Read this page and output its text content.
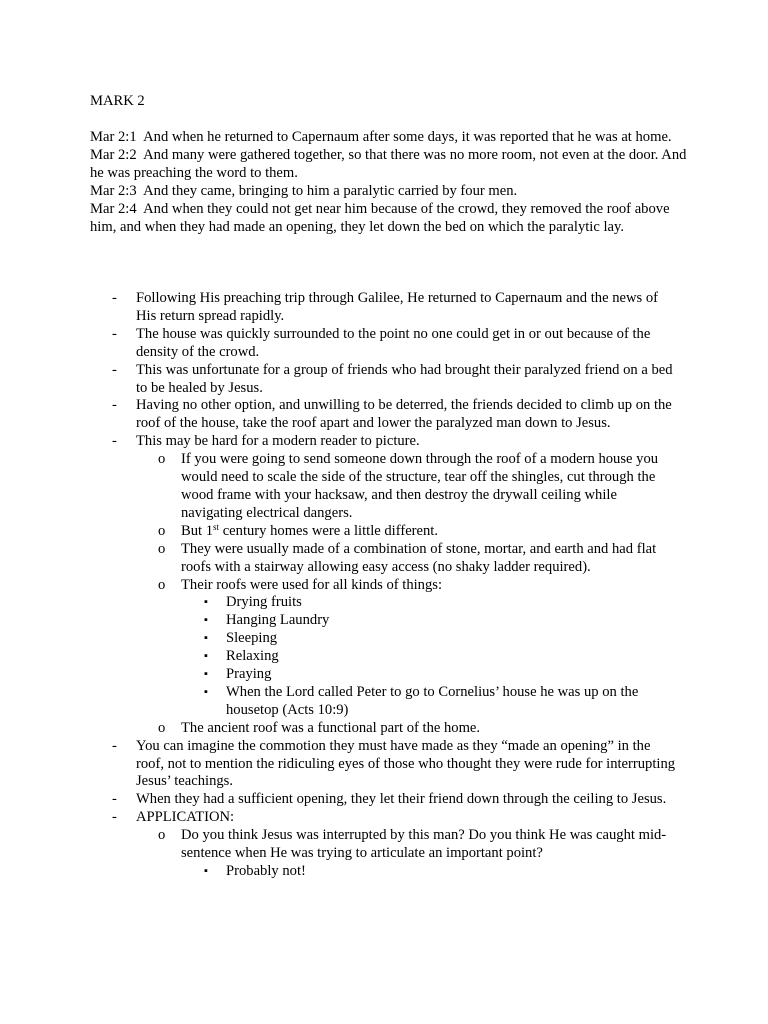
MARK 2

Mar 2:1 And when he returned to Capernaum after some days, it was reported that he was at home.

Mar 2:2 And many were gathered together, so that there was no more room, not even at the door. And he was preaching the word to them.

Mar 2:3 And they came, bringing to him a paralytic carried by four men.

Mar 2:4 And when they could not get near him because of the crowd, they removed the roof above him, and when they had made an opening, they let down the bed on which the paralytic lay.

- Following His preaching trip through Galilee, He returned to Capernaum and the news of His return spread rapidly.

- The house was quickly surrounded to the point no one could get in or out because of the density of the crowd.

- This was unfortunate for a group of friends who had brought their paralyzed friend on a bed to be healed by Jesus.

- Having no other option, and unwilling to be deterred, the friends decided to climb up on the roof of the house, take the roof apart and lower the paralyzed man down to Jesus.

- This may be hard for a modern reader to picture.

o If you were going to send someone down through the roof of a modern house you would need to scale the side of the structure, tear off the shingles, cut through the wood frame with your hacksaw, and then destroy the drywall ceiling while navigating electrical dangers.

o But 1st century homes were a little different.

o They were usually made of a combination of stone, mortar, and earth and had flat roofs with a stairway allowing easy access (no shaky ladder required).

o Their roofs were used for all kinds of things:

▪ Drying fruits

▪ Hanging Laundry

▪ Sleeping

▪ Relaxing

▪ Praying

▪ When the Lord called Peter to go to Cornelius’ house he was up on the housetop (Acts 10:9)

o The ancient roof was a functional part of the home.

- You can imagine the commotion they must have made as they “made an opening” in the roof, not to mention the ridiculing eyes of those who thought they were rude for interrupting Jesus’ teachings.

- When they had a sufficient opening, they let their friend down through the ceiling to Jesus.

- APPLICATION:

o Do you think Jesus was interrupted by this man? Do you think He was caught mid-sentence when He was trying to articulate an important point?

▪ Probably not!
